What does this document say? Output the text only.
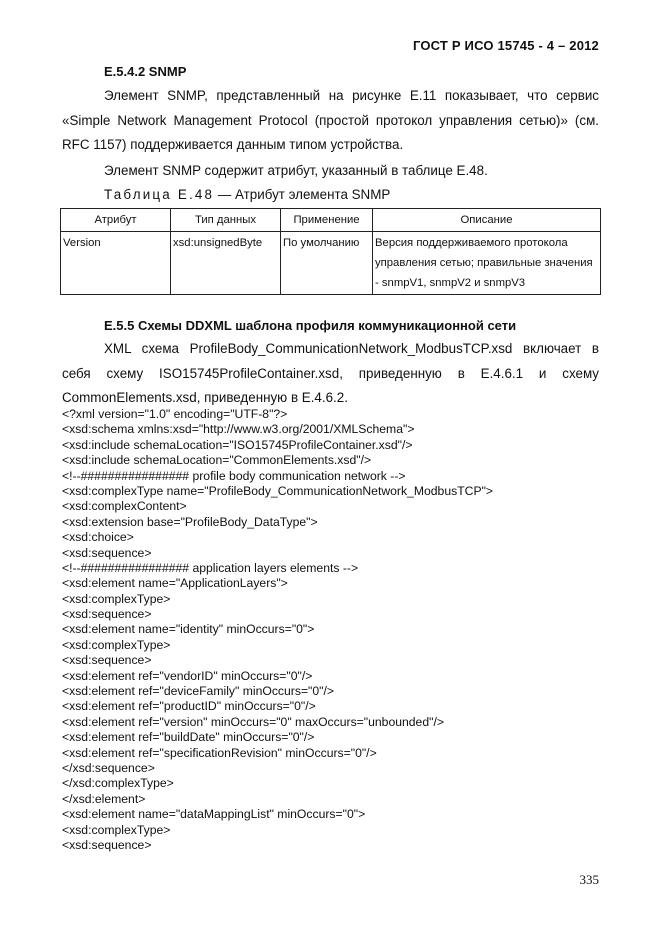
ГОСТ Р ИСО 15745 - 4 – 2012
E.5.4.2 SNMP
Элемент SNMP, представленный на рисунке Е.11 показывает, что сервис «Simple Network Management Protocol (простой протокол управления сетью)» (см. RFC 1157) поддерживается данным типом устройства.
Элемент SNMP содержит атрибут, указанный в таблице Е.48.
Таблица Е.48 — Атрибут элемента SNMP
Атрибут	Тип данных	Применение	Описание
Version	xsd:unsignedByte	По умолчанию	Версия поддерживаемого протокола управления сетью; правильные значения - snmpV1, snmpV2 и snmpV3
E.5.5 Схемы DDXML шаблона профиля коммуникационной сети
XML схема ProfileBody_CommunicationNetwork_ModbusTCP.xsd включает в себя схему ISO15745ProfileContainer.xsd, приведенную в Е.4.6.1 и схему CommonElements.xsd, приведенную в Е.4.6.2.
<?xml version="1.0" encoding="UTF-8"?>
<xsd:schema xmlns:xsd="http://www.w3.org/2001/XMLSchema">
<xsd:include schemaLocation="ISO15745ProfileContainer.xsd"/>
<xsd:include schemaLocation="CommonElements.xsd"/>
<!--################ profile body communication network -->
<xsd:complexType name="ProfileBody_CommunicationNetwork_ModbusTCP">
<xsd:complexContent>
<xsd:extension base="ProfileBody_DataType">
<xsd:choice>
<xsd:sequence>
<!--################ application layers elements -->
<xsd:element name="ApplicationLayers">
<xsd:complexType>
<xsd:sequence>
<xsd:element name="identity" minOccurs="0">
<xsd:complexType>
<xsd:sequence>
<xsd:element ref="vendorID" minOccurs="0"/>
<xsd:element ref="deviceFamily" minOccurs="0"/>
<xsd:element ref="productID" minOccurs="0"/>
<xsd:element ref="version" minOccurs="0" maxOccurs="unbounded"/>
<xsd:element ref="buildDate" minOccurs="0"/>
<xsd:element ref="specificationRevision" minOccurs="0"/>
</xsd:sequence>
</xsd:complexType>
</xsd:element>
<xsd:element name="dataMappingList" minOccurs="0">
<xsd:complexType>
<xsd:sequence>
335
